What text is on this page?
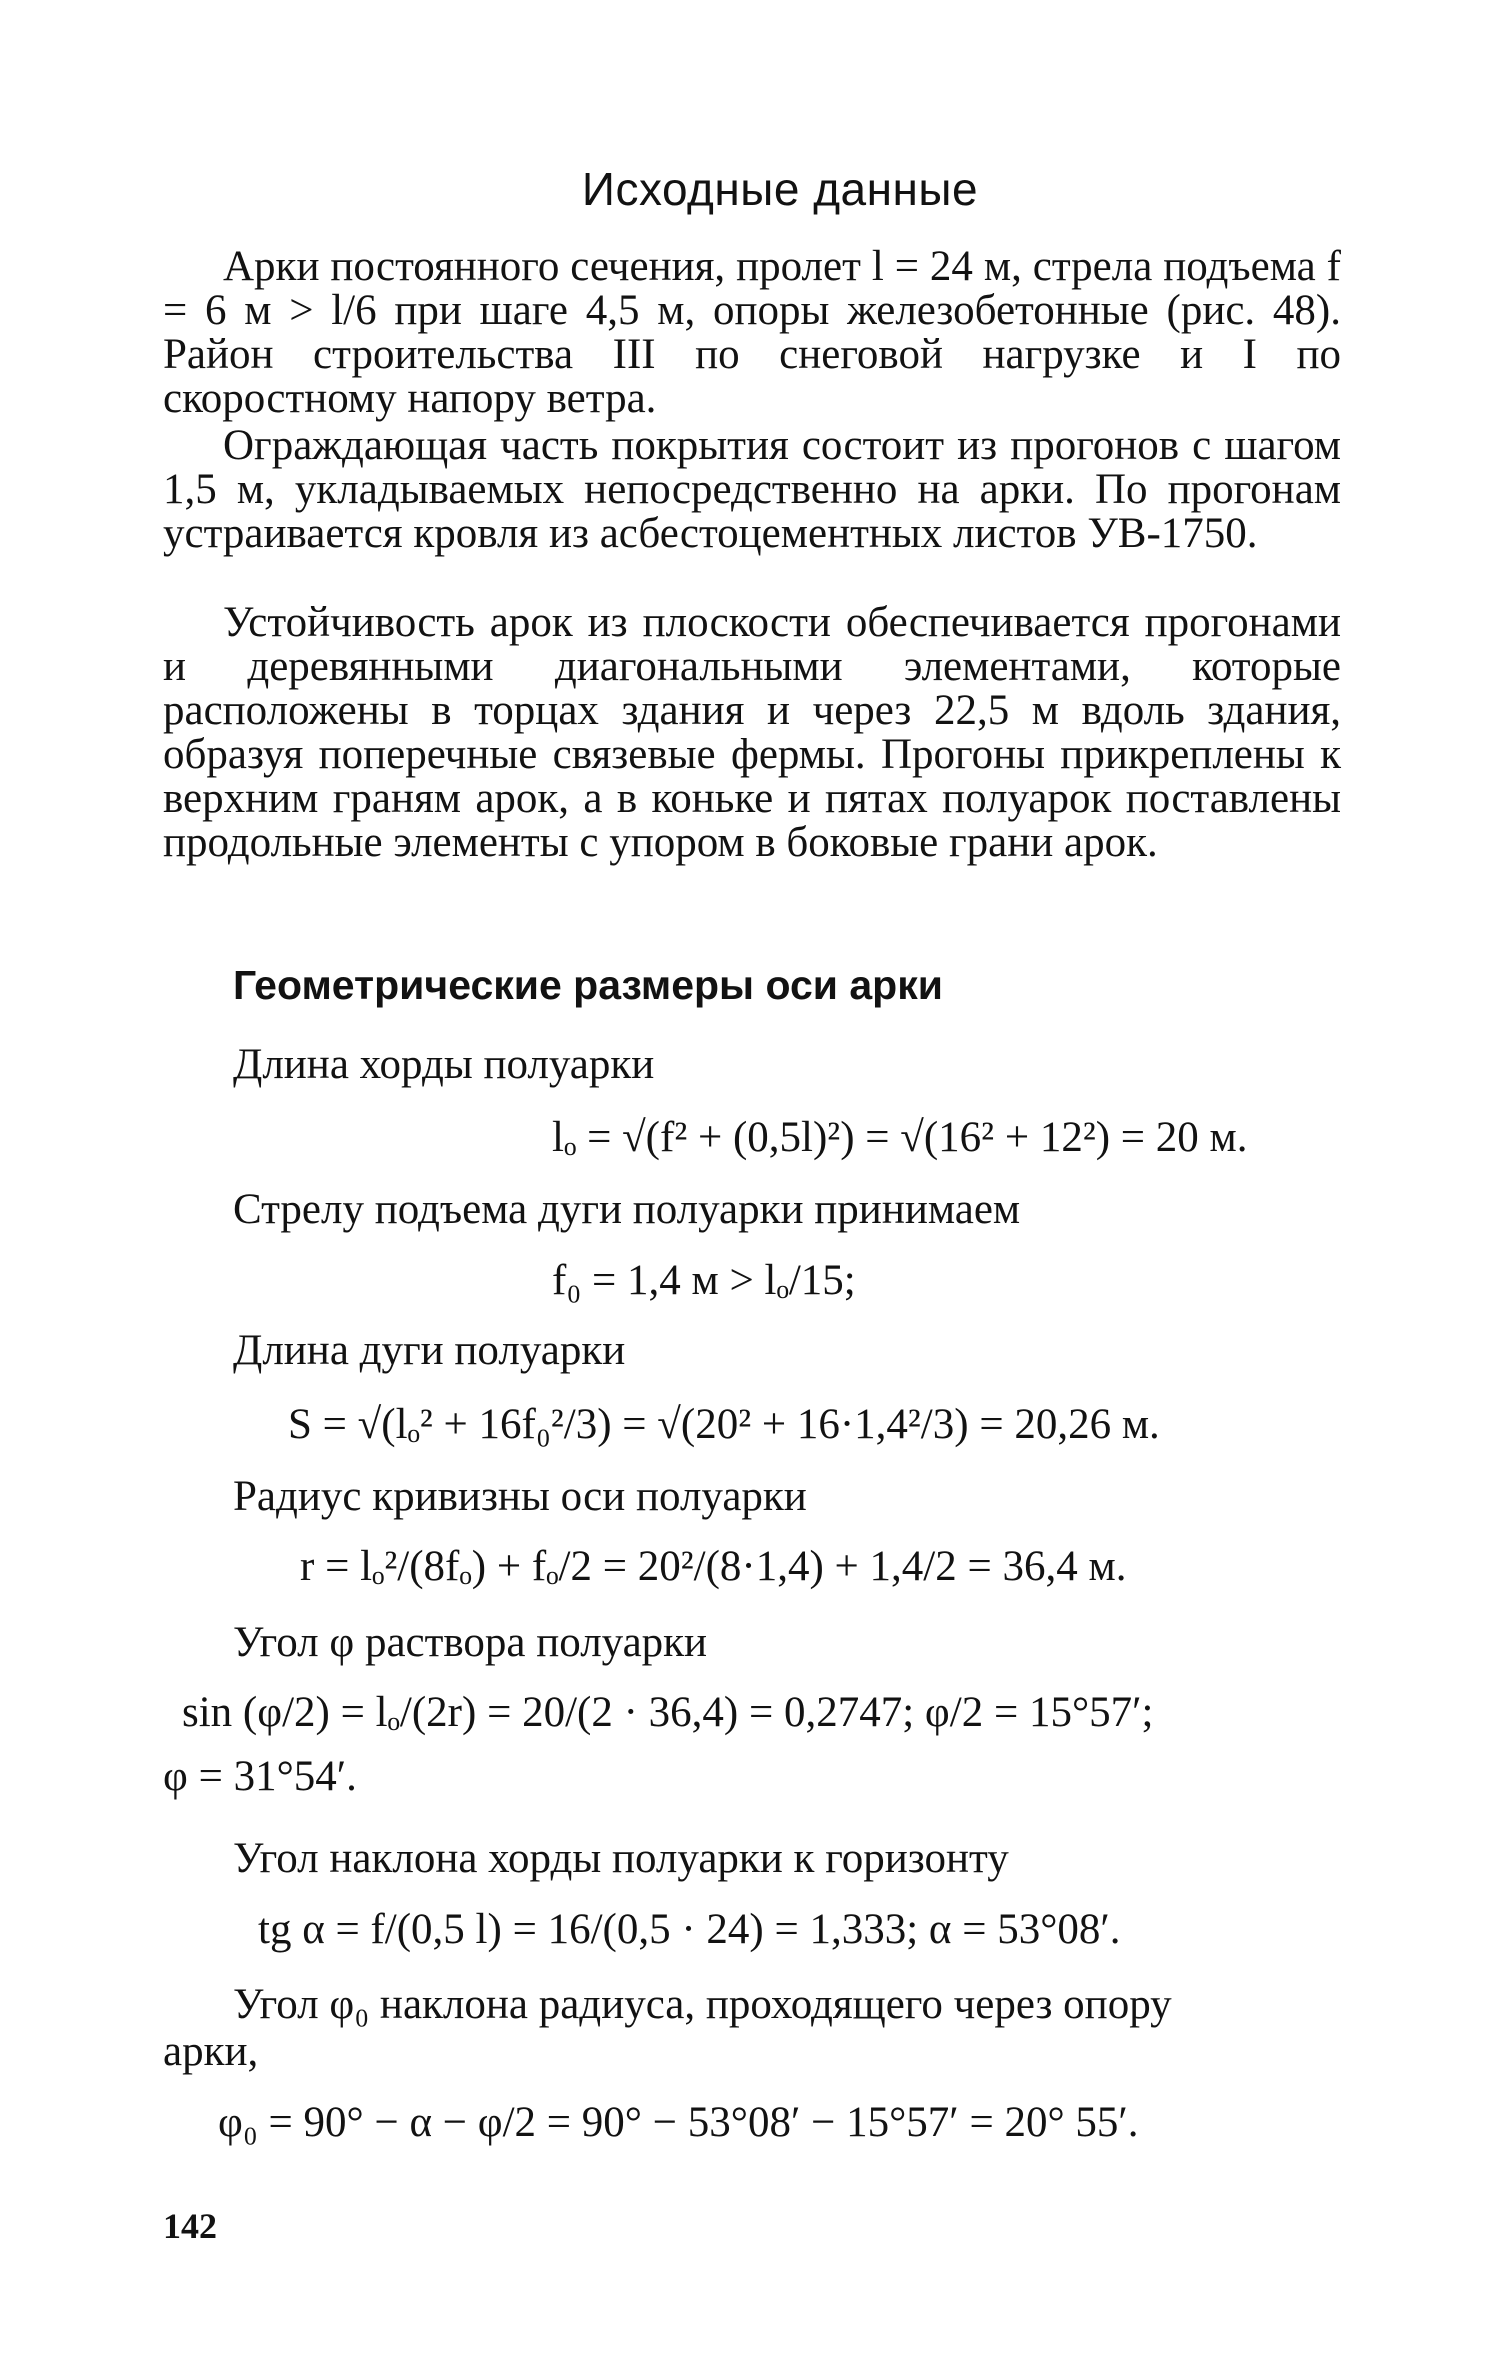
Исходные данные
Арки постоянного сечения, пролет l = 24 м, стрела подъема f = 6 м > l/6 при шаге 4,5 м, опоры железобетонные (рис. 48). Район строительства III по снеговой нагрузке и I по скоростному напору ветра.
Ограждающая часть покрытия состоит из прогонов с шагом 1,5 м, укладываемых непосредственно на арки. По прогонам устраивается кровля из асбестоцементных листов УВ-1750.
Устойчивость арок из плоскости обеспечивается прогонами и деревянными диагональными элементами, которые расположены в торцах здания и через 22,5 м вдоль здания, образуя поперечные связевые фермы. Прогоны прикреплены к верхним граням арок, а в коньке и пятах полуарок поставлены продольные элементы с упором в боковые грани арок.
Геометрические размеры оси арки
Длина хорды полуарки
lₒ = √(f² + (0,5l)²) = √(16² + 12²) = 20 м.
Стрелу подъема дуги полуарки принимаем
f₀ = 1,4 м > lₒ/15;
Длина дуги полуарки
S = √(lₒ² + 16f₀²/3) = √(20² + 16·1,4²/3) = 20,26 м.
Радиус кривизны оси полуарки
r = lₒ²/(8fₒ) + fₒ/2 = 20²/(8·1,4) + 1,4/2 = 36,4 м.
Угол φ раствора полуарки
sin (φ/2) = lₒ/(2r) = 20/(2 · 36,4) = 0,2747; φ/2 = 15°57′;
φ = 31°54′.
Угол наклона хорды полуарки к горизонту
tg α = f/(0,5 l) = 16/(0,5 · 24) = 1,333; α = 53°08′.
Угол φ₀ наклона радиуса, проходящего через опору
арки,
φ₀ = 90° − α − φ/2 = 90° − 53°08′ − 15°57′ = 20° 55′.
142
